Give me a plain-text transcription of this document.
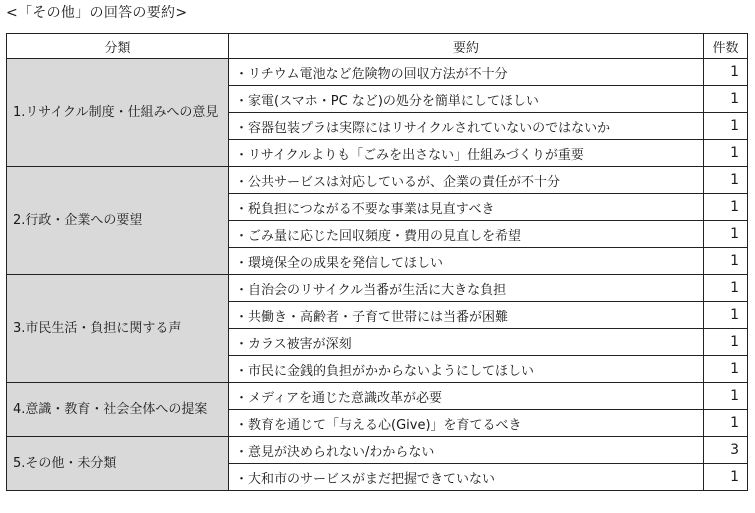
<「その他」の回答の要約>
分類	要約	件数
1.リサイクル制度・仕組みへの意見	・リチウム電池など危険物の回収方法が不十分	1
	・家電(スマホ・PC など)の処分を簡単にしてほしい	1
	・容器包装プラは実際にはリサイクルされていないのではないか	1
	・リサイクルよりも「ごみを出さない」仕組みづくりが重要	1
2.行政・企業への要望	・公共サービスは対応しているが、企業の責任が不十分	1
	・税負担につながる不要な事業は見直すべき	1
	・ごみ量に応じた回収頻度・費用の見直しを希望	1
	・環境保全の成果を発信してほしい	1
3.市民生活・負担に関する声	・自治会のリサイクル当番が生活に大きな負担	1
	・共働き・高齢者・子育て世帯には当番が困難	1
	・カラス被害が深刻	1
	・市民に金銭的負担がかからないようにしてほしい	1
4.意識・教育・社会全体への提案	・メディアを通じた意識改革が必要	1
	・教育を通じて「与える心(Give)」を育てるべき	1
5.その他・未分類	・意見が決められない/わからない	3
	・大和市のサービスがまだ把握できていない	1
